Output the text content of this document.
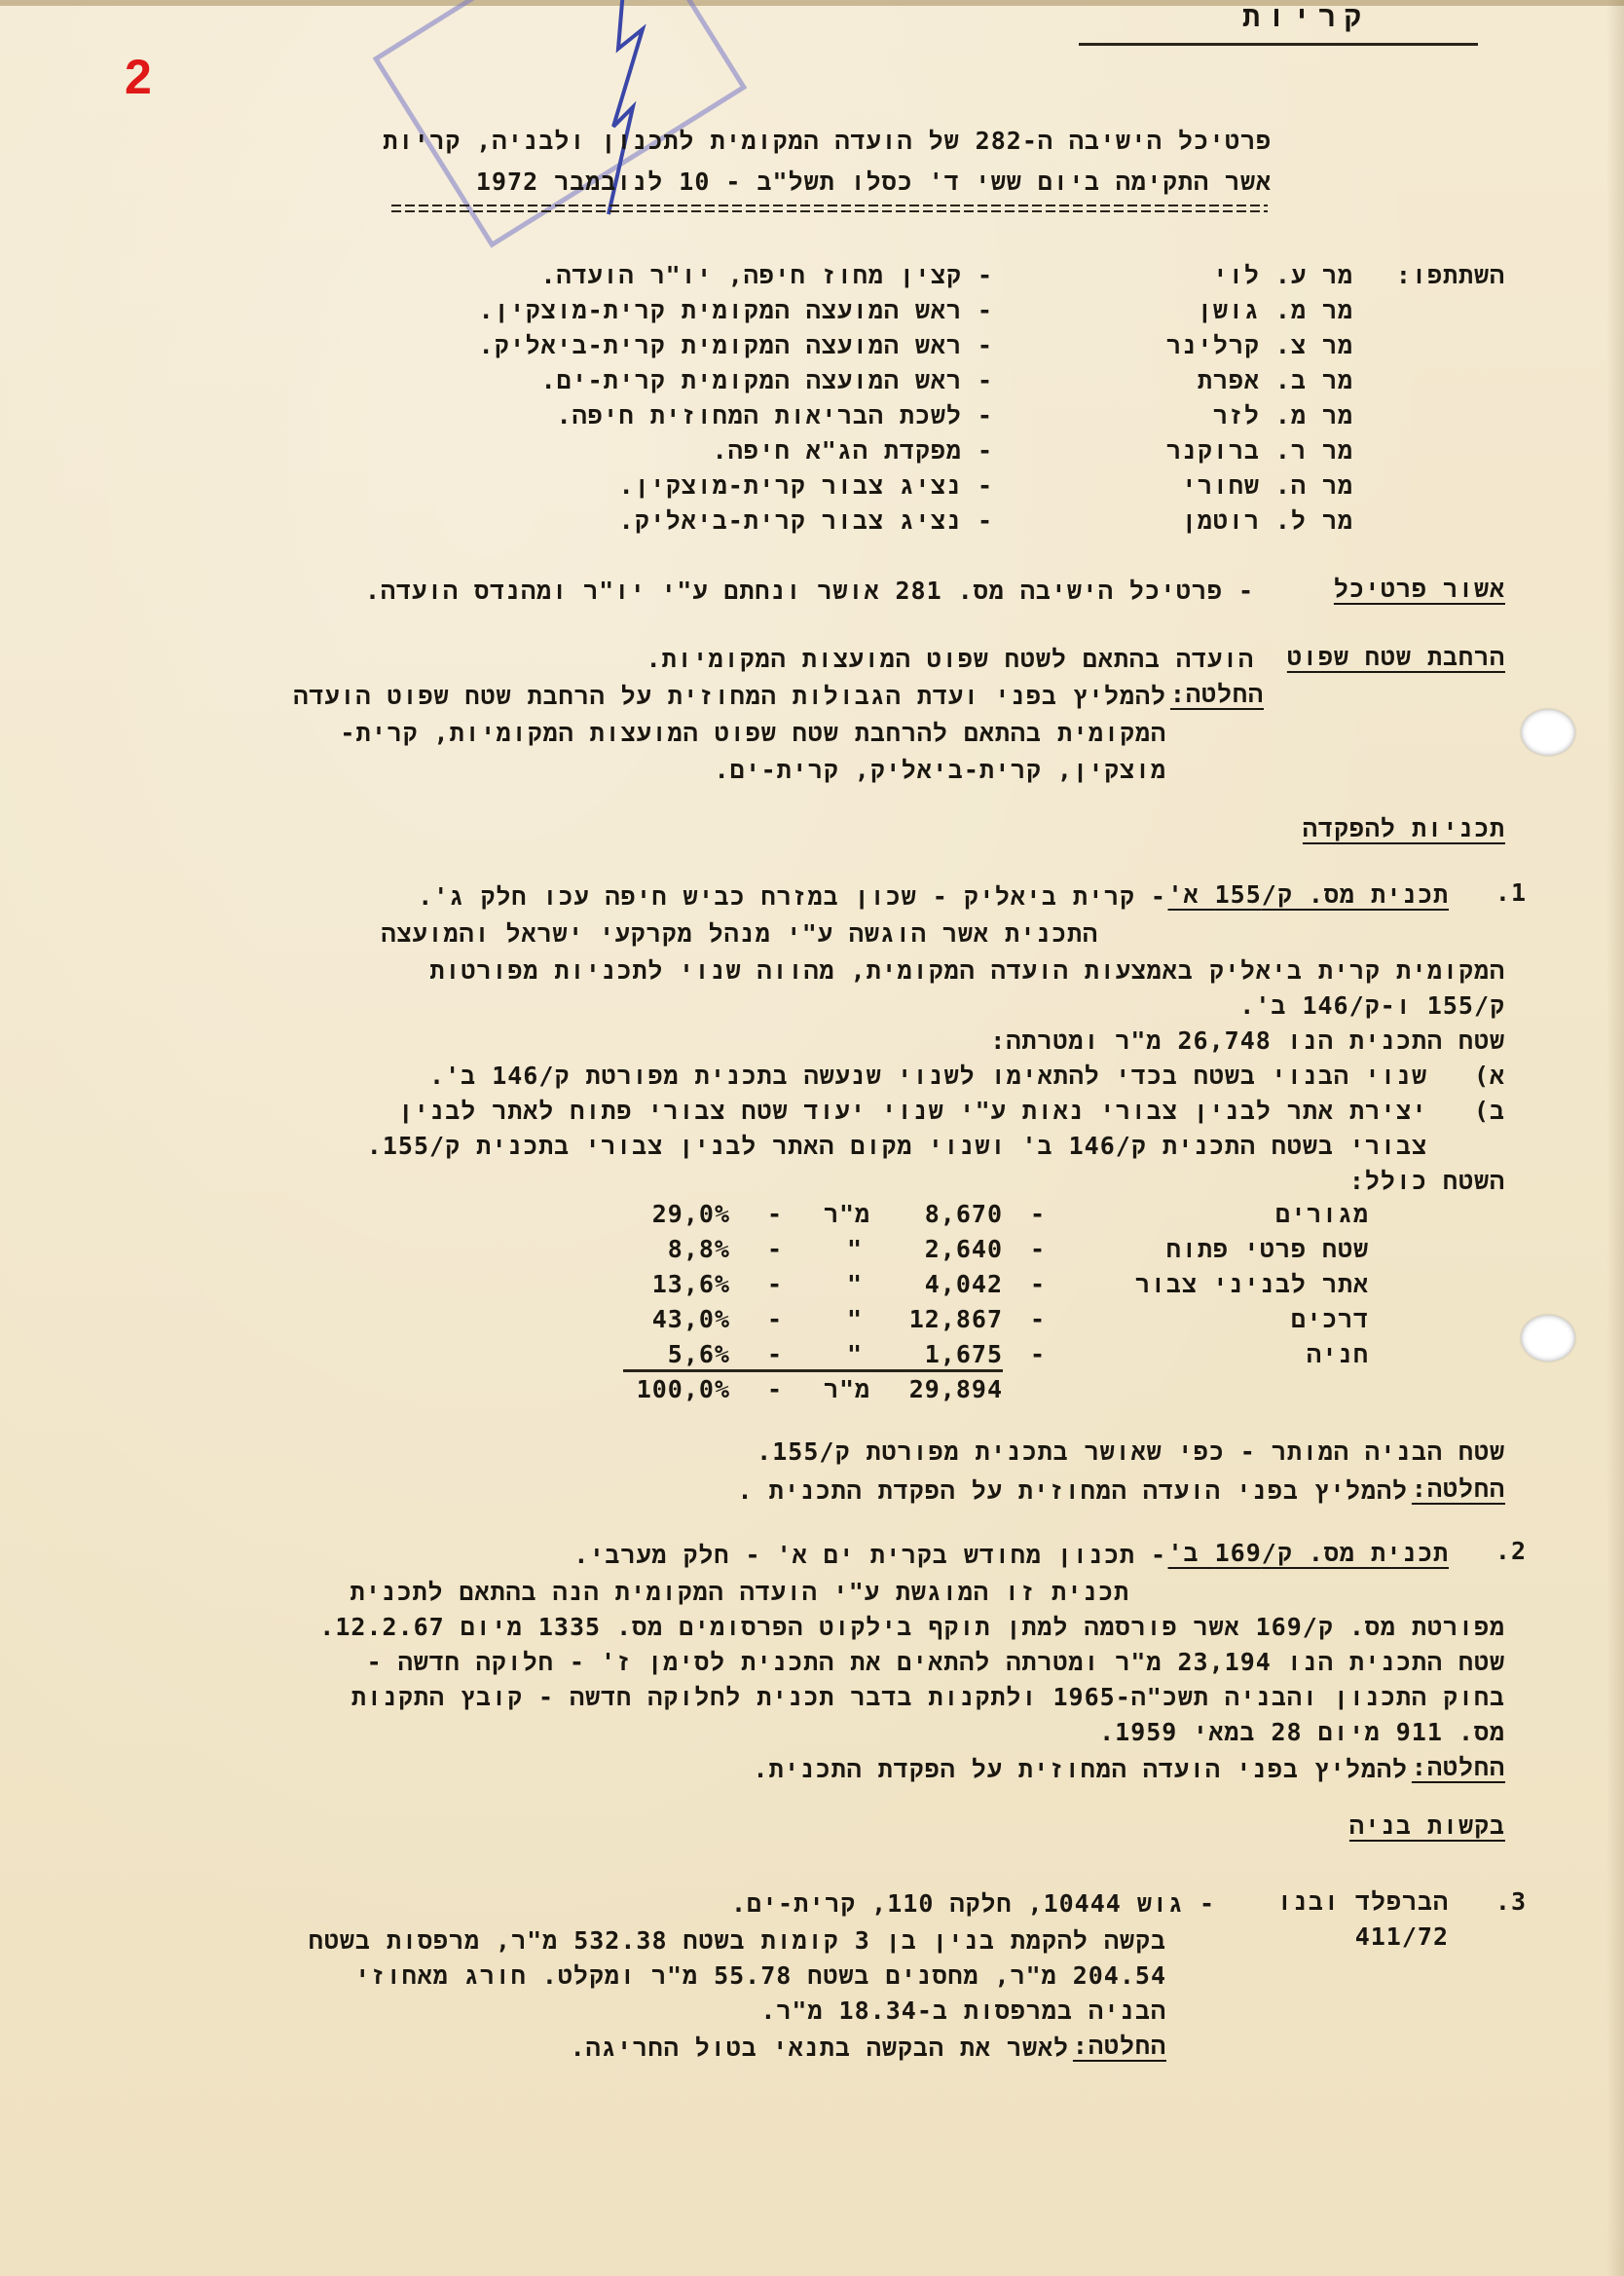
2
קריות
פרטיכל הישיבה ה-282 של הועדה המקומית לתכנון ולבניה, קריות
אשר התקימה ביום ששי ד' כסלו תשל"ב - 10 לנובמבר 1972
השתתפו:
מר ע. לוי
- קצין מחוז חיפה, יו"ר הועדה.
מר מ. גושן
- ראש המועצה המקומית קרית-מוצקין.
מר צ. קרלינר
- ראש המועצה המקומית קרית-ביאליק.
מר ב. אפרת
- ראש המועצה המקומית קרית-ים.
מר מ. לזר
- לשכת הבריאות המחוזית חיפה.
מר ר. ברוקנר
- מפקדת הג"א חיפה.
מר ה. שחורי
- נציג צבור קרית-מוצקין.
מר ל. רוטמן
- נציג צבור קרית-ביאליק.
אשור פרטיכל
- פרטיכל הישיבה מס. 281 אושר ונחתם ע"י יו"ר ומהנדס הועדה.
הרחבת שטח שפוט
הועדה בהתאם לשטח שפוט המועצות המקומיות.
החלטה:
להמליץ בפני ועדת הגבולות המחוזית על הרחבת שטח שפוט הועדה
המקומית בהתאם להרחבת שטח שפוט המועצות המקומיות, קרית-
מוצקין, קרית-ביאליק, קרית-ים.
תכניות להפקדה
1.
תכנית מס. ק/155 א'
- קרית ביאליק - שכון במזרח כביש חיפה עכו חלק ג'.
התכנית אשר הוגשה ע"י מנהל מקרקעי ישראל והמועצה
המקומית קרית ביאליק באמצעות הועדה המקומית, מהווה שנוי לתכניות מפורטות
ק/155 ו-ק/146 ב'.
שטח התכנית הנו 26,748 מ"ר ומטרתה:
א)
שנוי הבנוי בשטח בכדי להתאימו לשנוי שנעשה בתכנית מפורטת ק/146 ב'.
ב)
יצירת אתר לבנין צבורי נאות ע"י שנוי יעוד שטח צבורי פתוח לאתר לבנין
צבורי בשטח התכנית ק/146 ב' ושנוי מקום האתר לבנין צבורי בתכנית ק/155.
השטח כולל:
מגורים
-
8,670
מ"ר
-
29,0%
שטח פרטי פתוח
-
2,640
"
-
8,8%
אתר לבניני צבור
-
4,042
"
-
13,6%
דרכים
-
12,867
"
-
43,0%
חניה
-
1,675
"
-
5,6%
29,894
מ"ר
-
100,0%
שטח הבניה המותר - כפי שאושר בתכנית מפורטת ק/155.
החלטה:
להמליץ בפני הועדה המחוזית על הפקדת התכנית .
2.
תכנית מס. ק/169 ב'
- תכנון מחודש בקרית ים א' - חלק מערבי.
תכנית זו המוגשת ע"י הועדה המקומית הנה בהתאם לתכנית
מפורטת מס. ק/169 אשר פורסמה למתן תוקף בילקוט הפרסומים מס. 1335 מיום 12.2.67.
שטח התכנית הנו 23,194 מ"ר ומטרתה להתאים את התכנית לסימן ז' - חלוקה חדשה -
בחוק התכנון והבניה תשכ"ה-1965 ולתקנות בדבר תכנית לחלוקה חדשה - קובץ התקנות
מס. 911 מיום 28 במאי 1959.
החלטה:
להמליץ בפני הועדה המחוזית על הפקדת התכנית.
בקשות בניה
3.
הברפלד ובנו
411/72
- גוש 10444, חלקה 110, קרית-ים.
בקשה להקמת בנין בן 3 קומות בשטח 532.38 מ"ר, מרפסות בשטח
204.54 מ"ר, מחסנים בשטח 55.78 מ"ר ומקלט. חורג מאחוזי
הבניה במרפסות ב-18.34 מ"ר.
החלטה:
לאשר את הבקשה בתנאי בטול החריגה.
